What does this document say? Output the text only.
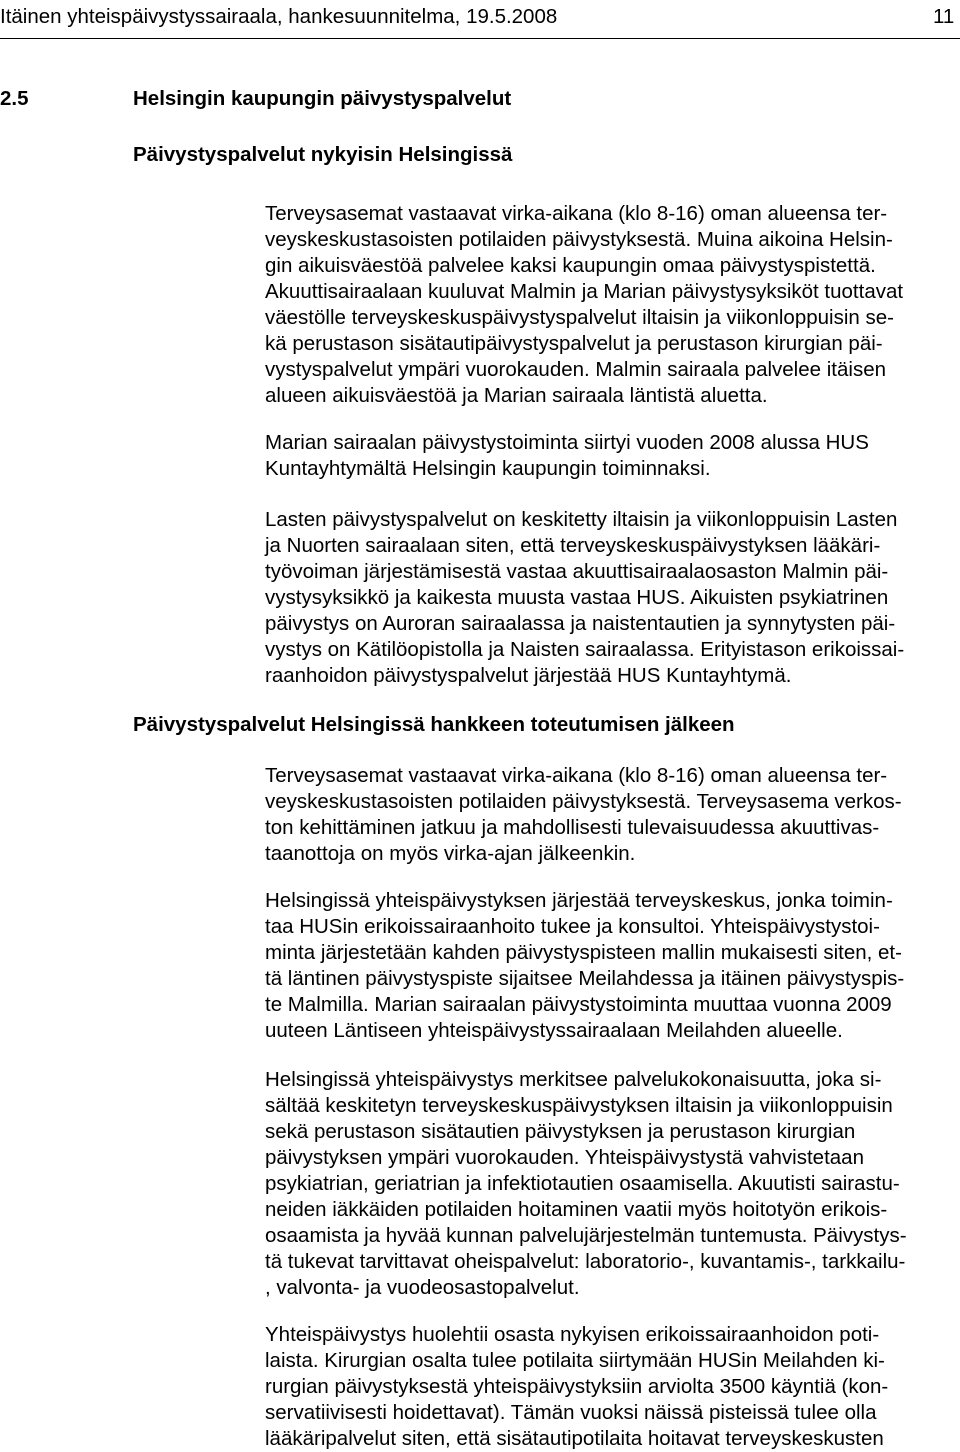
Itäinen yhteispäivystyssairaala, hankesuunnitelma, 19.5.2008	11
2.5	Helsingin kaupungin päivystyspalvelut
Päivystyspalvelut nykyisin Helsingissä
Terveysasemat vastaavat virka-aikana (klo 8-16) oman alueensa ter-
veyskeskustasoisten potilaiden päivystyksestä. Muina aikoina Helsin-
gin aikuisväestöä palvelee kaksi kaupungin omaa päivystyspistettä.
Akuuttisairaalaan kuuluvat Malmin ja Marian päivystysyksiköt tuottavat
väestölle terveyskeskuspäivystyspalvelut iltaisin ja viikonloppuisin se-
kä perustason sisätautipäivystyspalvelut ja perustason kirurgian päi-
vystyspalvelut ympäri vuorokauden. Malmin sairaala palvelee itäisen
alueen aikuisväestöä ja Marian sairaala läntistä aluetta.
Marian sairaalan päivystystoiminta siirtyi vuoden 2008 alussa HUS
Kuntayhtymältä Helsingin kaupungin toiminnaksi.
Lasten päivystyspalvelut on keskitetty iltaisin ja viikonloppuisin Lasten
ja Nuorten sairaalaan siten, että terveyskeskuspäivystyksen lääkäri-
työvoiman järjestämisestä vastaa akuuttisairaalaosaston Malmin päi-
vystysyksikkö ja kaikesta muusta vastaa HUS. Aikuisten psykiatrinen
päivystys on Auroran sairaalassa ja naistentautien ja synnytysten päi-
vystys on Kätilöopistolla ja Naisten sairaalassa. Erityistason erikoissai-
raanhoidon päivystyspalvelut järjestää HUS Kuntayhtymä.
Päivystyspalvelut Helsingissä hankkeen toteutumisen jälkeen
Terveysasemat vastaavat virka-aikana (klo 8-16) oman alueensa ter-
veyskeskustasoisten potilaiden päivystyksestä. Terveysasema verkos-
ton kehittäminen jatkuu ja mahdollisesti tulevaisuudessa akuuttivas-
taanottoja on myös virka-ajan jälkeenkin.
Helsingissä yhteispäivystyksen järjestää terveyskeskus, jonka toimin-
taa HUSin erikoissairaanhoito tukee ja konsultoi. Yhteispäivystystoi-
minta järjestetään kahden päivystyspisteen mallin mukaisesti siten, et-
tä läntinen päivystyspiste sijaitsee Meilahdessa ja itäinen päivystyspis-
te Malmilla. Marian sairaalan päivystystoiminta muuttaa vuonna 2009
uuteen Läntiseen yhteispäivystyssairaalaan Meilahden alueelle.
Helsingissä yhteispäivystys merkitsee palvelukokonaisuutta, joka si-
sältää keskitetyn terveyskeskuspäivystyksen iltaisin ja viikonloppuisin
sekä perustason sisätautien päivystyksen ja perustason kirurgian
päivystyksen ympäri vuorokauden. Yhteispäivystystä vahvistetaan
psykiatrian, geriatrian ja infektiotautien osaamisella. Akuutisti sairastu-
neiden iäkkäiden potilaiden hoitaminen vaatii myös hoitotyön erikois-
osaamista ja hyvää kunnan palvelujärjestelmän tuntemusta. Päivystys-
tä tukevat tarvittavat oheispalvelut: laboratorio-, kuvantamis-, tarkkailu-
, valvonta- ja vuodeosastopalvelut.
Yhteispäivystys huolehtii osasta nykyisen erikoissairaanhoidon poti-
laista. Kirurgian osalta tulee potilaita siirtymään HUSin Meilahden ki-
rurgian päivystyksestä yhteispäivystyksiin arviolta 3500 käyntiä (kon-
servatiivisesti hoidettavat). Tämän vuoksi näissä pisteissä tulee olla
lääkäripalvelut siten, että sisätautipotilaita hoitavat terveyskeskusten
